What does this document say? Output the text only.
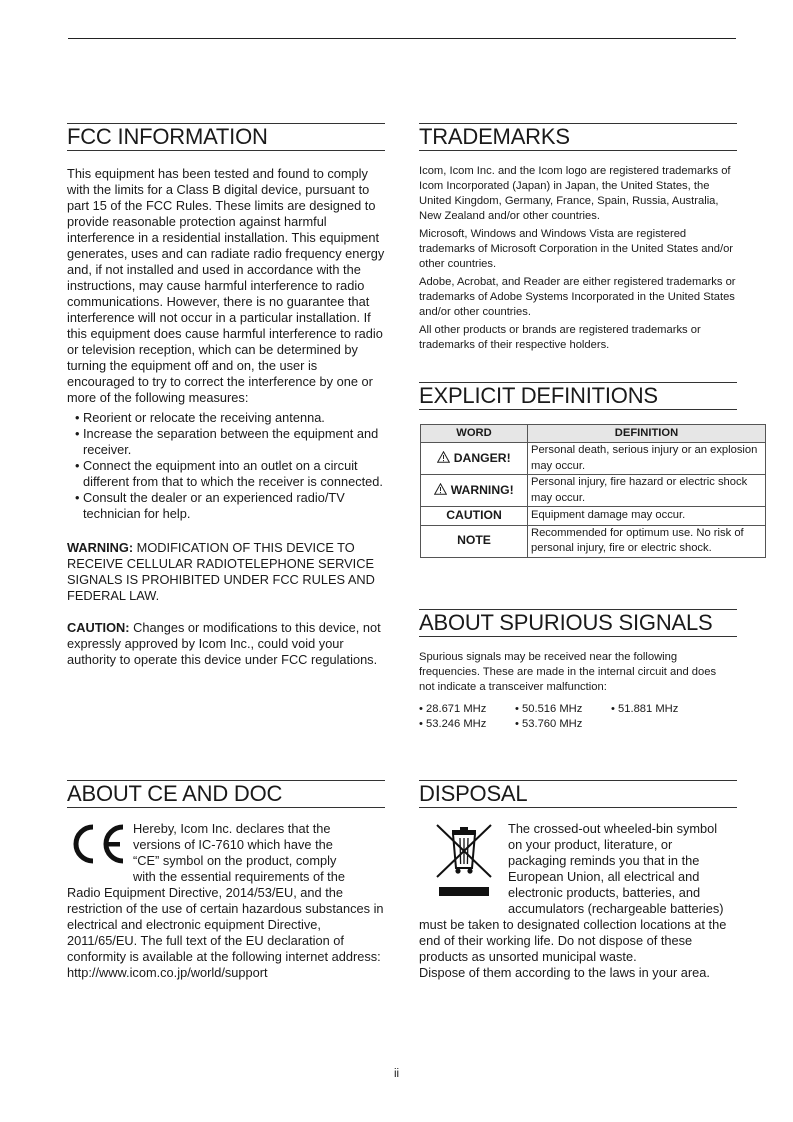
FCC INFORMATION

This equipment has been tested and found to comply with the limits for a Class B digital device, pursuant to part 15 of the FCC Rules. These limits are designed to provide reasonable protection against harmful interference in a residential installation. This equipment generates, uses and can radiate radio frequency energy and, if not installed and used in accordance with the instructions, may cause harmful interference to radio communications. However, there is no guarantee that interference will not occur in a particular installation. If this equipment does cause harmful interference to radio or television reception, which can be determined by turning the equipment off and on, the user is encouraged to try to correct the interference by one or more of the following measures:

• Reorient or relocate the receiving antenna.
• Increase the separation between the equipment and receiver.
• Connect the equipment into an outlet on a circuit different from that to which the receiver is connected.
• Consult the dealer or an experienced radio/TV technician for help.

WARNING: MODIFICATION OF THIS DEVICE TO RECEIVE CELLULAR RADIOTELEPHONE SERVICE SIGNALS IS PROHIBITED UNDER FCC RULES AND FEDERAL LAW.

CAUTION: Changes or modifications to this device, not expressly approved by Icom Inc., could void your authority to operate this device under FCC regulations.

TRADEMARKS

Icom, Icom Inc. and the Icom logo are registered trademarks of Icom Incorporated (Japan) in Japan, the United States, the United Kingdom, Germany, France, Spain, Russia, Australia, New Zealand and/or other countries.

Microsoft, Windows and Windows Vista are registered trademarks of Microsoft Corporation in the United States and/or other countries.

Adobe, Acrobat, and Reader are either registered trademarks or trademarks of Adobe Systems Incorporated in the United States and/or other countries.

All other products or brands are registered trademarks or trademarks of their respective holders.

EXPLICIT DEFINITIONS
WORD	DEFINITION
DANGER!	Personal death, serious injury or an explosion may occur.
WARNING!	Personal injury, fire hazard or electric shock may occur.
CAUTION	Equipment damage may occur.
NOTE	Recommended for optimum use. No risk of personal injury, fire or electric shock.
ABOUT SPURIOUS SIGNALS

Spurious signals may be received near the following frequencies. These are made in the internal circuit and does not indicate a transceiver malfunction:

• 28.671 MHz	• 50.516 MHz	• 51.881 MHz
• 53.246 MHz	• 53.760 MHz
ABOUT CE AND DOC
Hereby, Icom Inc. declares that the
versions of IC-7610 which have the
“CE” symbol on the product, comply
with the essential requirements of the

Radio Equipment Directive, 2014/53/EU, and the restriction of the use of certain hazardous substances in electrical and electronic equipment Directive, 2011/65/EU. The full text of the EU declaration of conformity is available at the following internet address:

http://www.icom.co.jp/world/support

DISPOSAL
The crossed-out wheeled-bin symbol
on your product, literature, or
packaging reminds you that in the
European Union, all electrical and
electronic products, batteries, and
accumulators (rechargeable batteries)

must be taken to designated collection locations at the end of their working life. Do not dispose of these products as unsorted municipal waste.

Dispose of them according to the laws in your area.

ii
